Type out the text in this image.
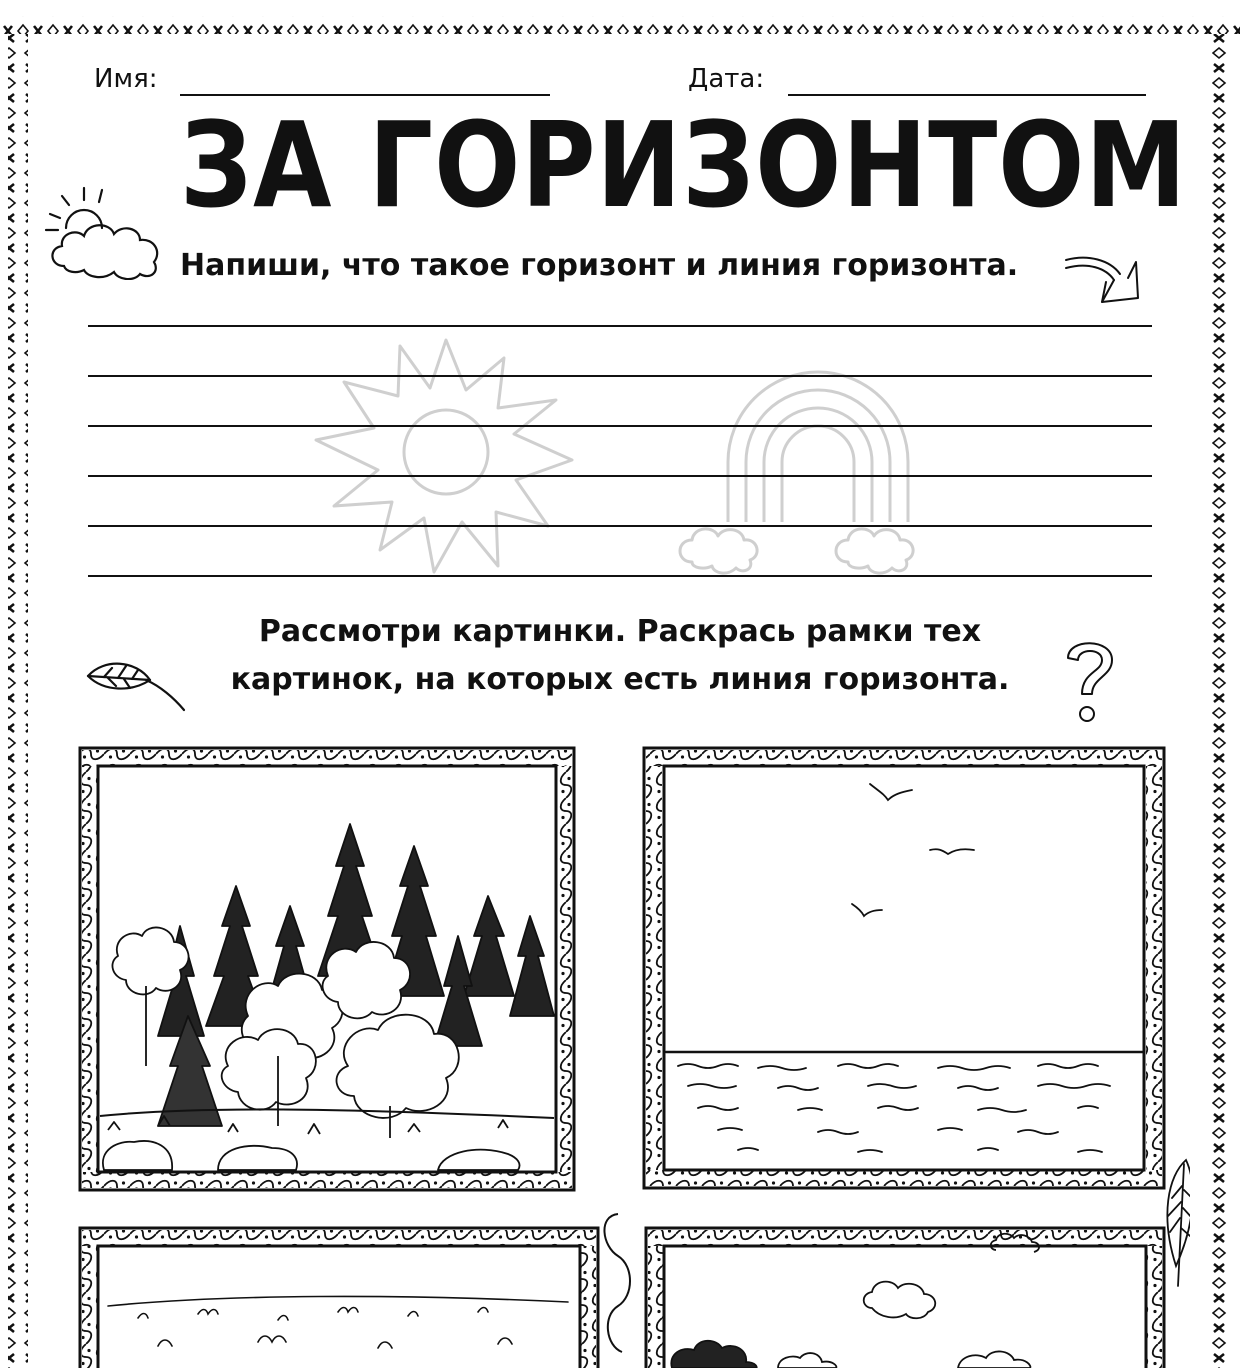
Имя:	Дата:
ЗА ГОРИЗОНТОМ
Напиши, что такое горизонт и линия горизонта.
Рассмотри картинки. Раскрась рамки тех
картинок, на которых есть линия горизонта.
